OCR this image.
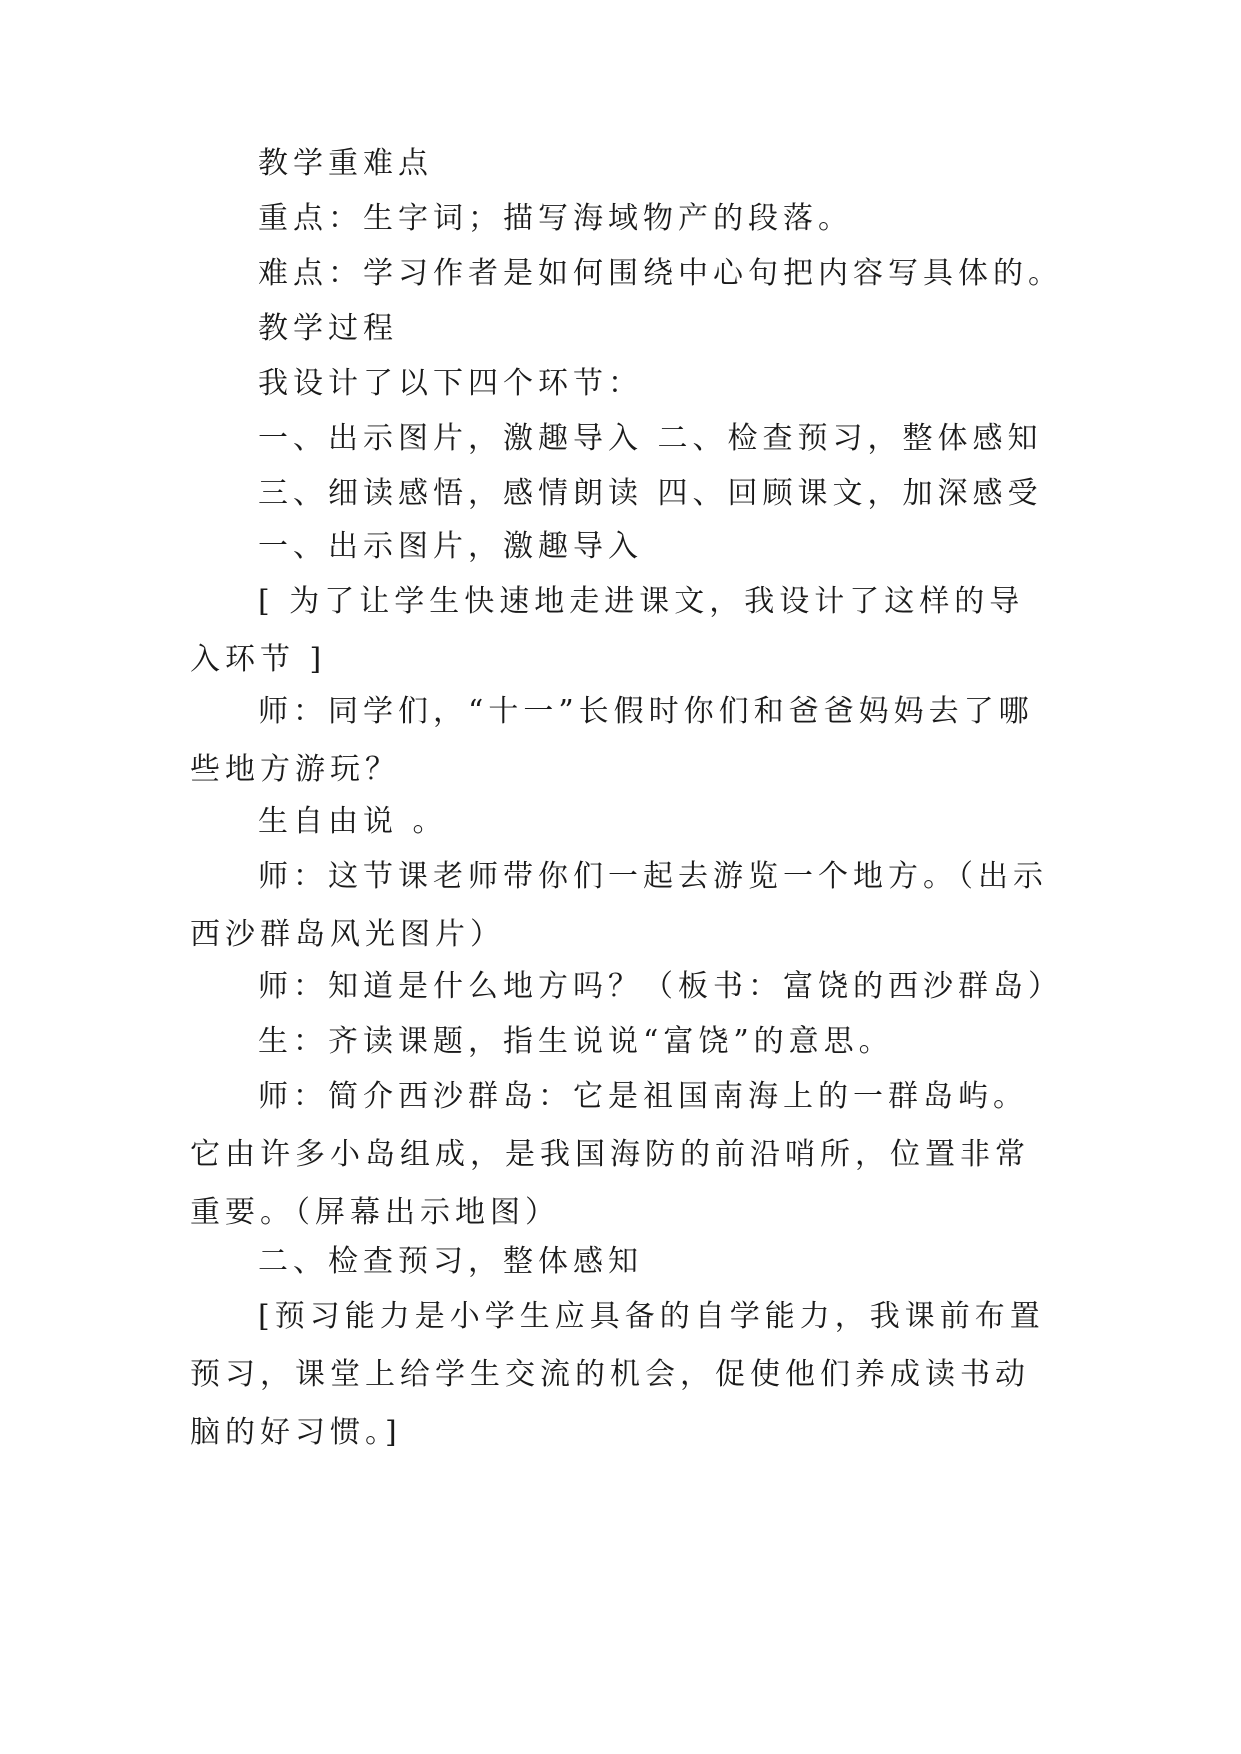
教学重难点

重点：生字词；描写海域物产的段落。

难点：学习作者是如何围绕中心句把内容写具体的。

教学过程

我设计了以下四个环节：

一、出示图片，激趣导入 二、检查预习，整体感知

三、细读感悟，感情朗读 四、回顾课文，加深感受

一、出示图片，激趣导入

[ 为了让学生快速地走进课文，我设计了这样的导入环节 ]

师：同学们，“十一”长假时你们和爸爸妈妈去了哪些地方游玩？

生自由说 。

师：这节课老师带你们一起去游览一个地方。（出示西沙群岛风光图片）

师：知道是什么地方吗？（板书：富饶的西沙群岛）

生：齐读课题，指生说说“富饶”的意思。

师：简介西沙群岛：它是祖国南海上的一群岛屿。它由许多小岛组成，是我国海防的前沿哨所，位置非常重要。（屏幕出示地图）

二、检查预习，整体感知

[预习能力是小学生应具备的自学能力，我课前布置预习，课堂上给学生交流的机会，促使他们养成读书动脑的好习惯。]
